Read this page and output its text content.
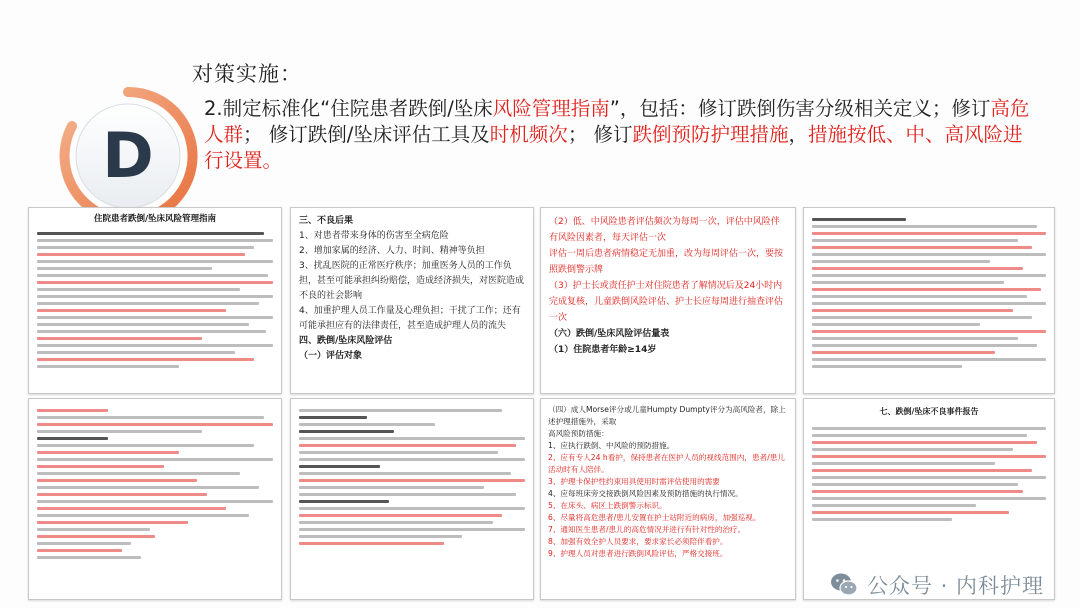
D
对策实施：
2.制定标准化“住院患者跌倒/坠床风险管理指南”，包括：修订跌倒伤害分级相关定义；修订高危人群； 修订跌倒/坠床评估工具及时机频次； 修订跌倒预防护理措施，措施按低、中、高风险进行设置。
住院患者跌倒/坠床风险管理指南	三、不良后果
1、对患者带来身体的伤害至全病危险
2、增加家属的经济、人力、时间、精神等负担
3、扰乱医院的正常医疗秩序；加重医务人员的工作负担，甚至可能承担纠纷赔偿，造成经济损失，对医院造成不良的社会影响
4、加重护理人员工作量及心理负担；干扰了工作；还有可能承担应有的法律责任，甚至造成护理人员的流失
四、跌倒/坠床风险评估
（一）评估对象
（2）低、中风险患者评估频次为每周一次，评估中风险伴有风险因素者，每天评估一次
评估一周后患者病情稳定无加重，改为每周评估一次，要按照跌倒警示牌
（3）护士长或责任护士对住院患者了解情况后及24小时内完成复核，儿童跌倒风险评估、护士长应每周进行抽查评估一次
（六）跌倒/坠床风险评估量表
（1）住院患者年龄≥14岁
（四）成人Morse评分或儿童Humpty Dumpty评分为高风险者，除上述护理措施外，采取
高风险预防措施：
1、应执行跌倒、中风险的预防措施。
2、应有专人24 h看护，保持患者在医护人员的视线范围内，患者/患儿活动时有人陪伴。
3、护理卡保护性约束用具使用时需评估使用的需要
4、应每班床旁交接跌倒风险因素及预防措施的执行情况。
5、在床头、病区上跌倒警示标识。
6、尽量将高危患者/患儿安置在护士站附近的病房，加强巡视。
7、通知医生患者/患儿的高危情况并进行有针对性的治疗。
8、加强有效全护人员要求，要求家长必须陪伴看护。
9、护理人员对患者进行跌倒风险评估，严格交接班。
七、跌倒/坠床不良事件报告
公众号 · 内科护理
